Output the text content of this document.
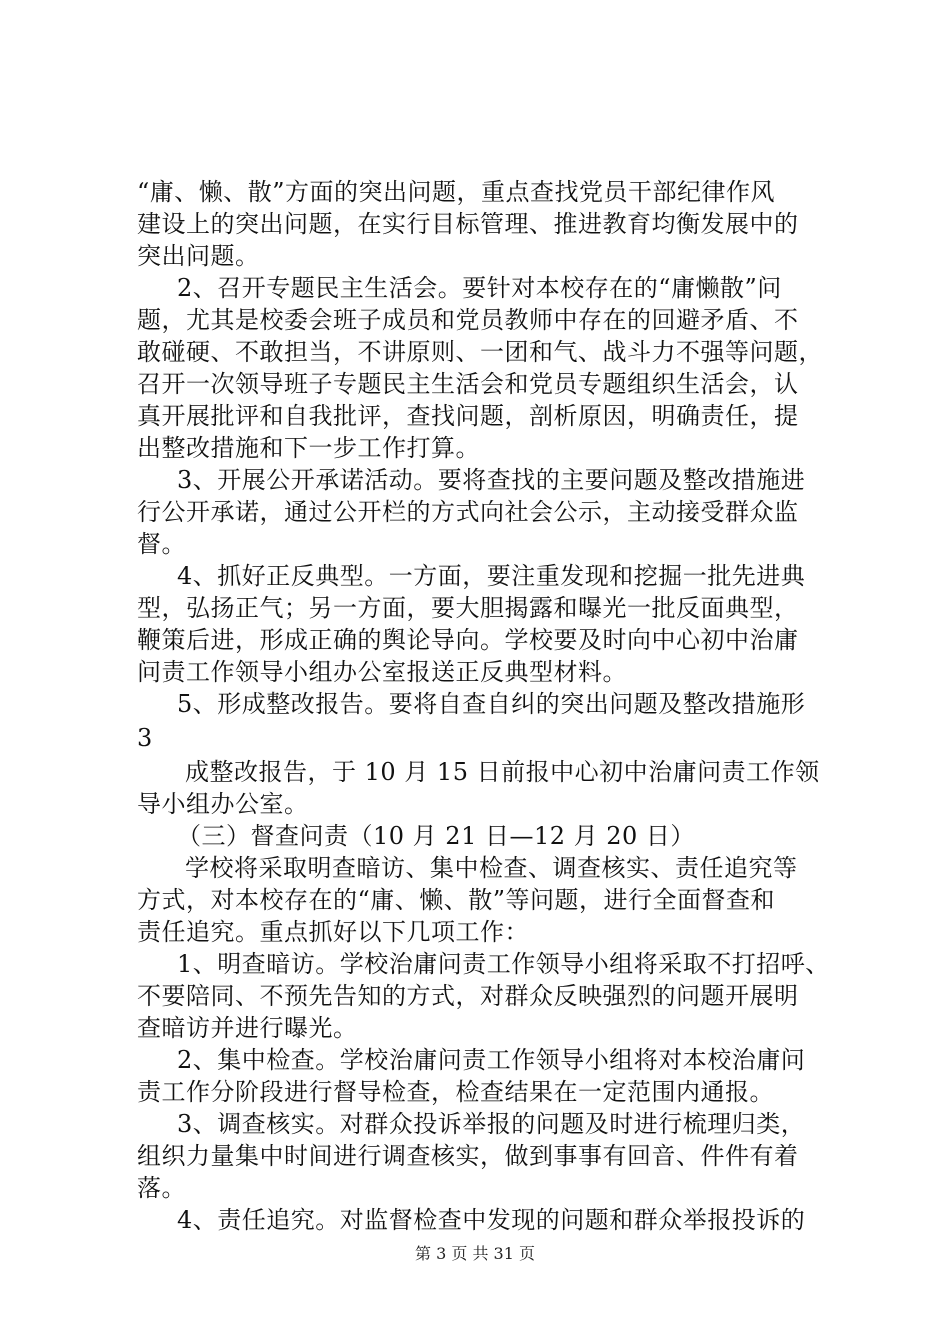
“庸、懒、散”方面的突出问题，重点查找党员干部纪律作风
建设上的突出问题，在实行目标管理、推进教育均衡发展中的
突出问题。
2、召开专题民主生活会。要针对本校存在的“庸懒散”问
题，尤其是校委会班子成员和党员教师中存在的回避矛盾、不
敢碰硬、不敢担当，不讲原则、一团和气、战斗力不强等问题，
召开一次领导班子专题民主生活会和党员专题组织生活会，认
真开展批评和自我批评，查找问题，剖析原因，明确责任，提
出整改措施和下一步工作打算。
3、开展公开承诺活动。要将查找的主要问题及整改措施进
行公开承诺，通过公开栏的方式向社会公示，主动接受群众监
督。
4、抓好正反典型。一方面，要注重发现和挖掘一批先进典
型，弘扬正气；另一方面，要大胆揭露和曝光一批反面典型，
鞭策后进，形成正确的舆论导向。学校要及时向中心初中治庸
问责工作领导小组办公室报送正反典型材料。
5、形成整改报告。要将自查自纠的突出问题及整改措施形
3
成整改报告，于 10 月 15 日前报中心初中治庸问责工作领
导小组办公室。
（三）督查问责（10 月 21 日—12 月 20 日）
学校将采取明查暗访、集中检查、调查核实、责任追究等
方式，对本校存在的“庸、懒、散”等问题，进行全面督查和
责任追究。重点抓好以下几项工作：
1、明查暗访。学校治庸问责工作领导小组将采取不打招呼、
不要陪同、不预先告知的方式，对群众反映强烈的问题开展明
查暗访并进行曝光。
2、集中检查。学校治庸问责工作领导小组将对本校治庸问
责工作分阶段进行督导检查，检查结果在一定范围内通报。
3、调查核实。对群众投诉举报的问题及时进行梳理归类，
组织力量集中时间进行调查核实，做到事事有回音、件件有着
落。
4、责任追究。对监督检查中发现的问题和群众举报投诉的
第 3 页 共 31 页
